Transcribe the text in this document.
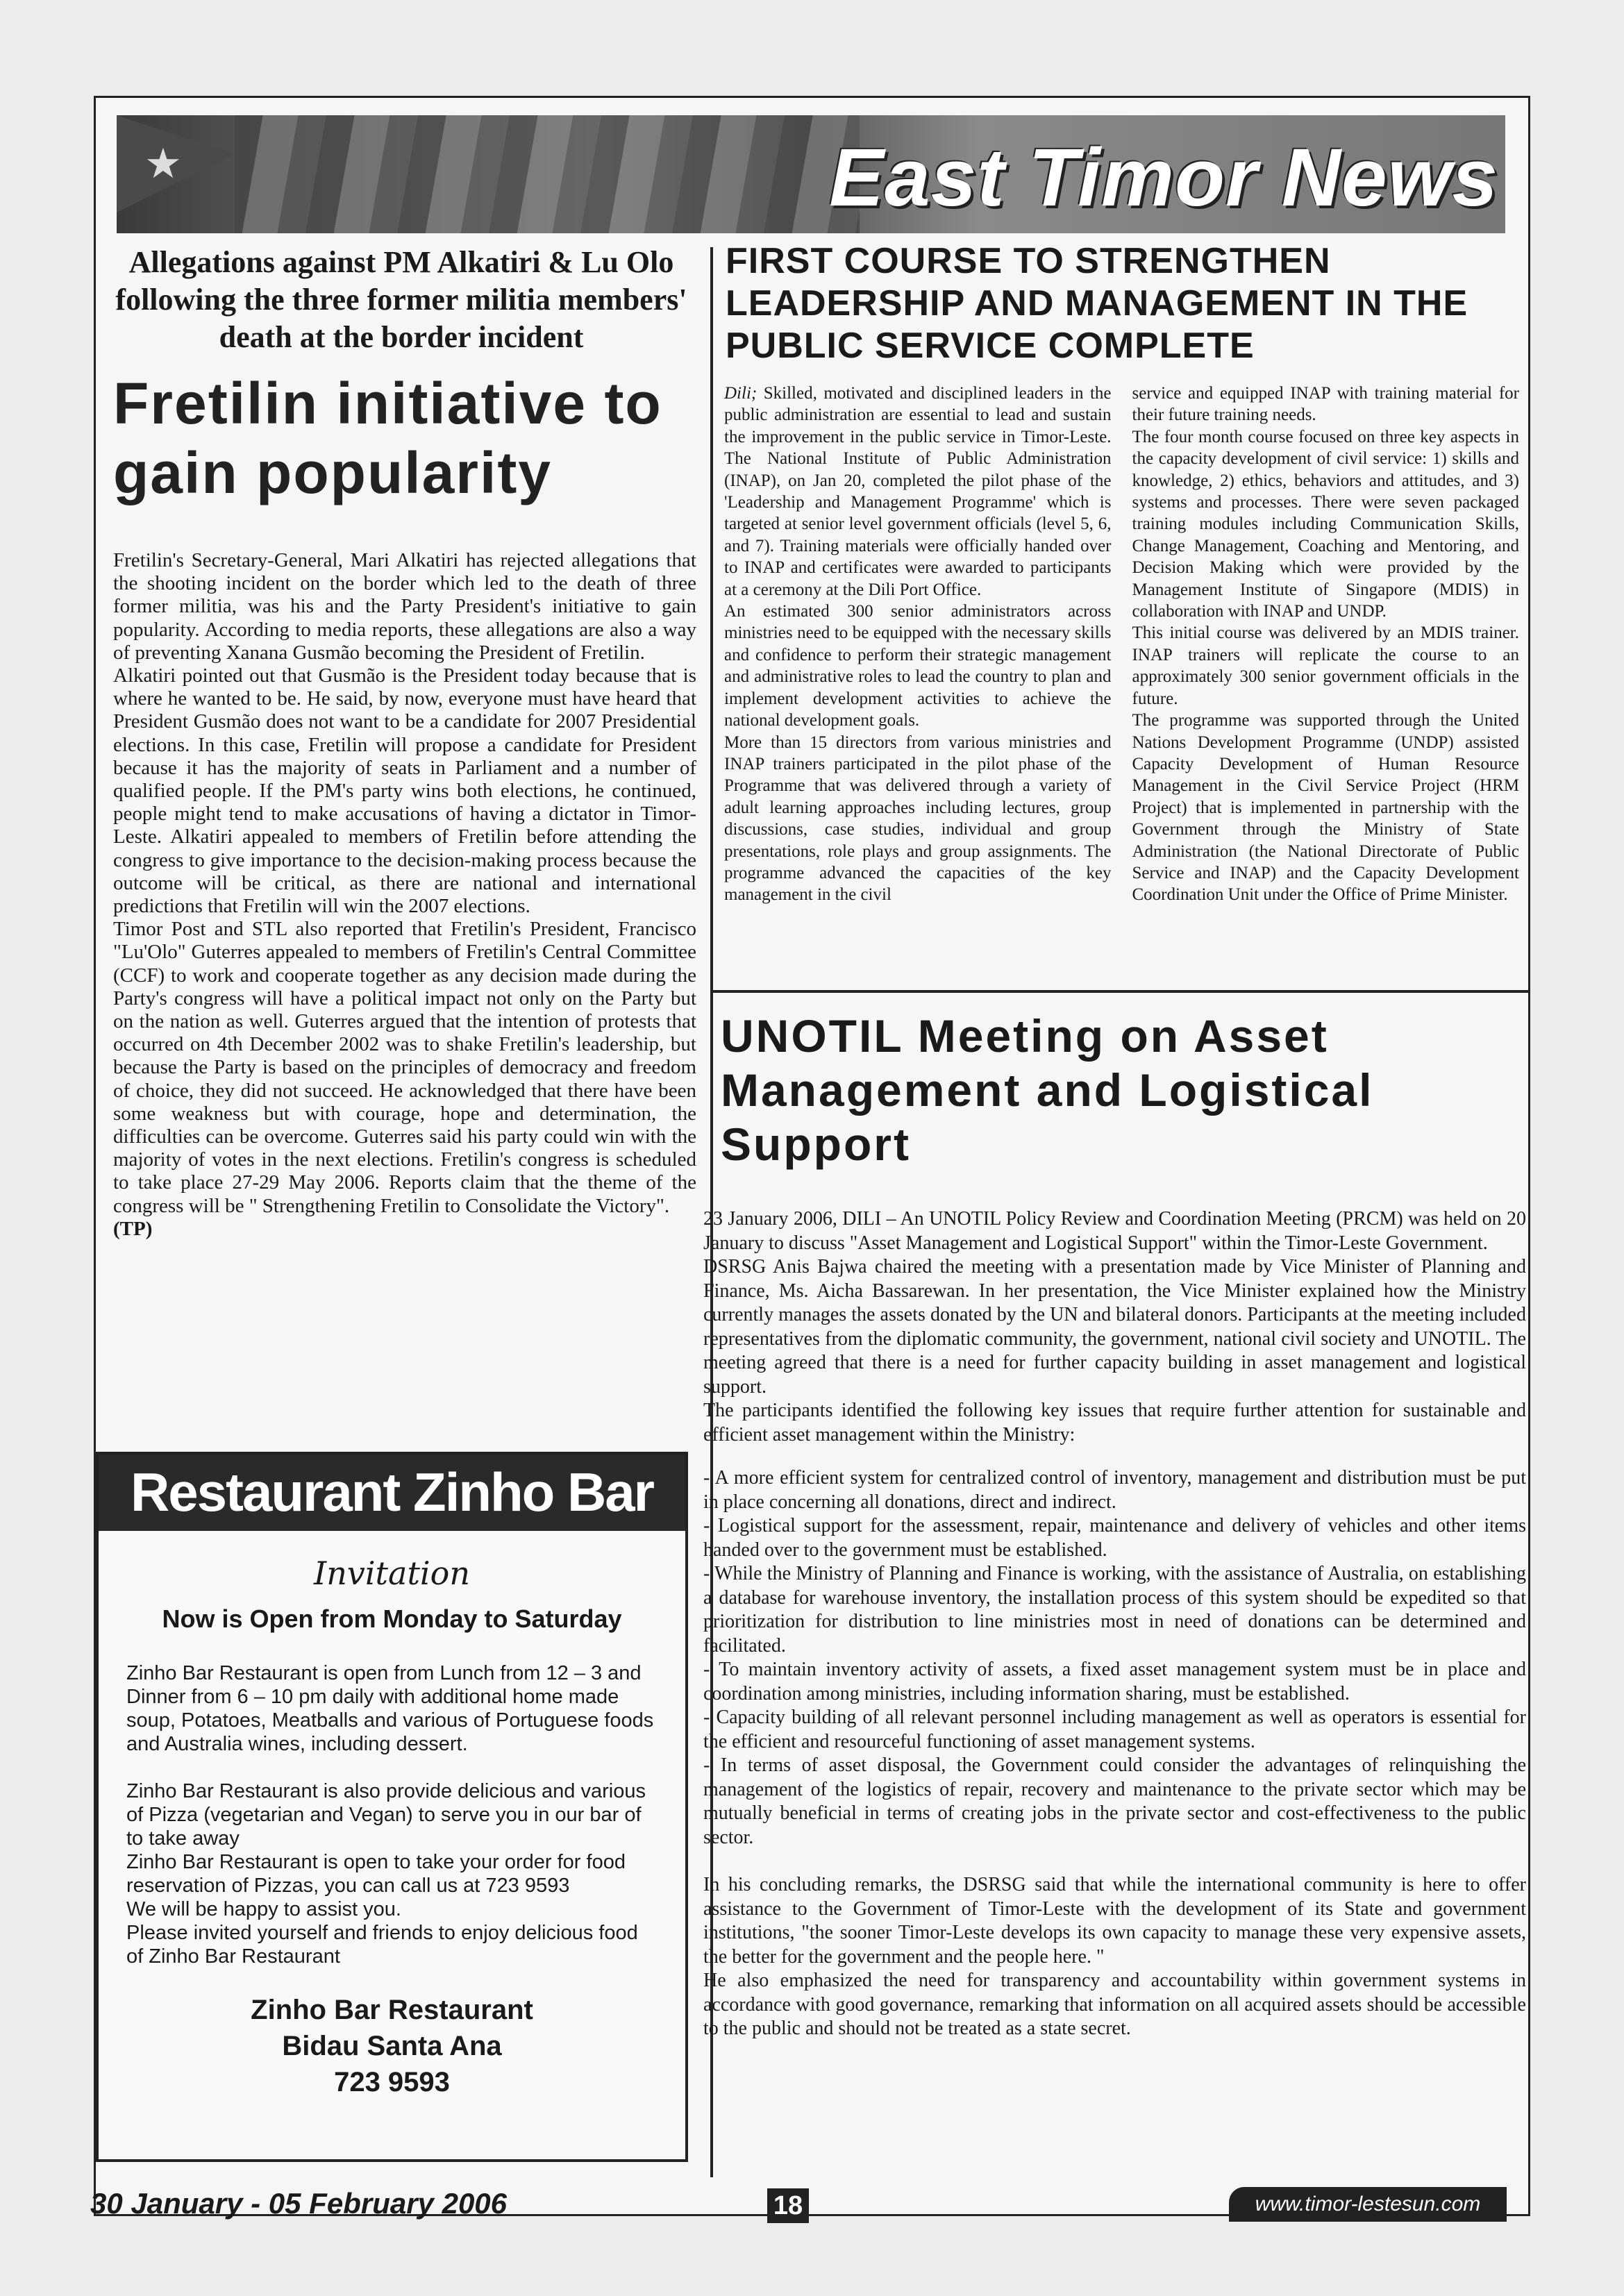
★	East Timor News
Allegations against PM Alkatiri & Lu Olo following the three former militia members' death at the border incident
Fretilin initiative to gain popularity

Fretilin's Secretary-General, Mari Alkatiri has rejected allegations that the shooting incident on the border which led to the death of three former militia, was his and the Party President's initiative to gain popularity. According to media reports, these allegations are also a way of preventing Xanana Gusmão becoming the President of Fretilin.

Alkatiri pointed out that Gusmão is the President today because that is where he wanted to be. He said, by now, everyone must have heard that President Gusmão does not want to be a candidate for 2007 Presidential elections. In this case, Fretilin will propose a candidate for President because it has the majority of seats in Parliament and a number of qualified people. If the PM's party wins both elections, he continued, people might tend to make accusations of having a dictator in Timor-Leste. Alkatiri appealed to members of Fretilin before attending the congress to give importance to the decision-making process because the outcome will be critical, as there are national and international predictions that Fretilin will win the 2007 elections.

Timor Post and STL also reported that Fretilin's President, Francisco "Lu'Olo" Guterres appealed to members of Fretilin's Central Committee (CCF) to work and cooperate together as any decision made during the Party's congress will have a political impact not only on the Party but on the nation as well. Guterres argued that the intention of protests that occurred on 4th December 2002 was to shake Fretilin's leadership, but because the Party is based on the principles of democracy and freedom of choice, they did not succeed. He acknowledged that there have been some weakness but with courage, hope and determination, the difficulties can be overcome. Guterres said his party could win with the majority of votes in the next elections. Fretilin's congress is scheduled to take place 27-29 May 2006. Reports claim that the theme of the congress will be " Strengthening Fretilin to Consolidate the Victory".

(TP)

FIRST COURSE TO STRENGTHEN LEADERSHIP AND MANAGEMENT IN THE PUBLIC SERVICE COMPLETE

Dili; Skilled, motivated and disciplined leaders in the public administration are essential to lead and sustain the improvement in the public service in Timor-Leste. The National Institute of Public Administration (INAP), on Jan 20, completed the pilot phase of the 'Leadership and Management Programme' which is targeted at senior level government officials (level 5, 6, and 7). Training materials were officially handed over to INAP and certificates were awarded to participants at a ceremony at the Dili Port Office.

An estimated 300 senior administrators across ministries need to be equipped with the necessary skills and confidence to perform their strategic management and administrative roles to lead the country to plan and implement development activities to achieve the national development goals.

More than 15 directors from various ministries and INAP trainers participated in the pilot phase of the Programme that was delivered through a variety of adult learning approaches including lectures, group discussions, case studies, individual and group presentations, role plays and group assignments. The programme advanced the capacities of the key management in the civil

service and equipped INAP with training material for their future training needs.

The four month course focused on three key aspects in the capacity development of civil service: 1) skills and knowledge, 2) ethics, behaviors and attitudes, and 3) systems and processes. There were seven packaged training modules including Communication Skills, Change Management, Coaching and Mentoring, and Decision Making which were provided by the Management Institute of Singapore (MDIS) in collaboration with INAP and UNDP.

This initial course was delivered by an MDIS trainer. INAP trainers will replicate the course to an approximately 300 senior government officials in the future.

The programme was supported through the United Nations Development Programme (UNDP) assisted Capacity Development of Human Resource Management in the Civil Service Project (HRM Project) that is implemented in partnership with the Government through the Ministry of State Administration (the National Directorate of Public Service and INAP) and the Capacity Development Coordination Unit under the Office of Prime Minister.

UNOTIL Meeting on Asset Management and Logistical Support

23 January 2006, DILI – An UNOTIL Policy Review and Coordination Meeting (PRCM) was held on 20 January to discuss "Asset Management and Logistical Support" within the Timor-Leste Government.

DSRSG Anis Bajwa chaired the meeting with a presentation made by Vice Minister of Planning and Finance, Ms. Aicha Bassarewan. In her presentation, the Vice Minister explained how the Ministry currently manages the assets donated by the UN and bilateral donors. Participants at the meeting included representatives from the diplomatic community, the government, national civil society and UNOTIL. The meeting agreed that there is a need for further capacity building in asset management and logistical support.

The participants identified the following key issues that require further attention for sustainable and efficient asset management within the Ministry:

- A more efficient system for centralized control of inventory, management and distribution must be put in place concerning all donations, direct and indirect.

- Logistical support for the assessment, repair, maintenance and delivery of vehicles and other items handed over to the government must be established.

- While the Ministry of Planning and Finance is working, with the assistance of Australia, on establishing a database for warehouse inventory, the installation process of this system should be expedited so that prioritization for distribution to line ministries most in need of donations can be determined and facilitated.

- To maintain inventory activity of assets, a fixed asset management system must be in place and coordination among ministries, including information sharing, must be established.

- Capacity building of all relevant personnel including management as well as operators is essential for the efficient and resourceful functioning of asset management systems.

- In terms of asset disposal, the Government could consider the advantages of relinquishing the management of the logistics of repair, recovery and maintenance to the private sector which may be mutually beneficial in terms of creating jobs in the private sector and cost-effectiveness to the public sector.

In his concluding remarks, the DSRSG said that while the international community is here to offer assistance to the Government of Timor-Leste with the development of its State and government institutions, "the sooner Timor-Leste develops its own capacity to manage these very expensive assets, the better for the government and the people here. "

He also emphasized the need for transparency and accountability within government systems in accordance with good governance, remarking that information on all acquired assets should be accessible to the public and should not be treated as a state secret.

Restaurant Zinho Bar
Invitation
Now is Open from Monday to Saturday

Zinho Bar Restaurant is open from Lunch from 12 – 3 and Dinner from 6 – 10 pm daily with additional home made soup, Potatoes, Meatballs and various of Portuguese foods and Australia wines, including dessert.

Zinho Bar Restaurant is also provide delicious and various of Pizza (vegetarian and Vegan) to serve you in our bar of to take away

Zinho Bar Restaurant is open to take your order for food reservation of Pizzas, you can call us at 723 9593

We will be happy to assist you.

Please invited yourself and friends to enjoy delicious food of Zinho Bar Restaurant

Zinho Bar Restaurant
Bidau Santa Ana
723 9593
30 January - 05 February 2006	18	www.timor-lestesun.com
